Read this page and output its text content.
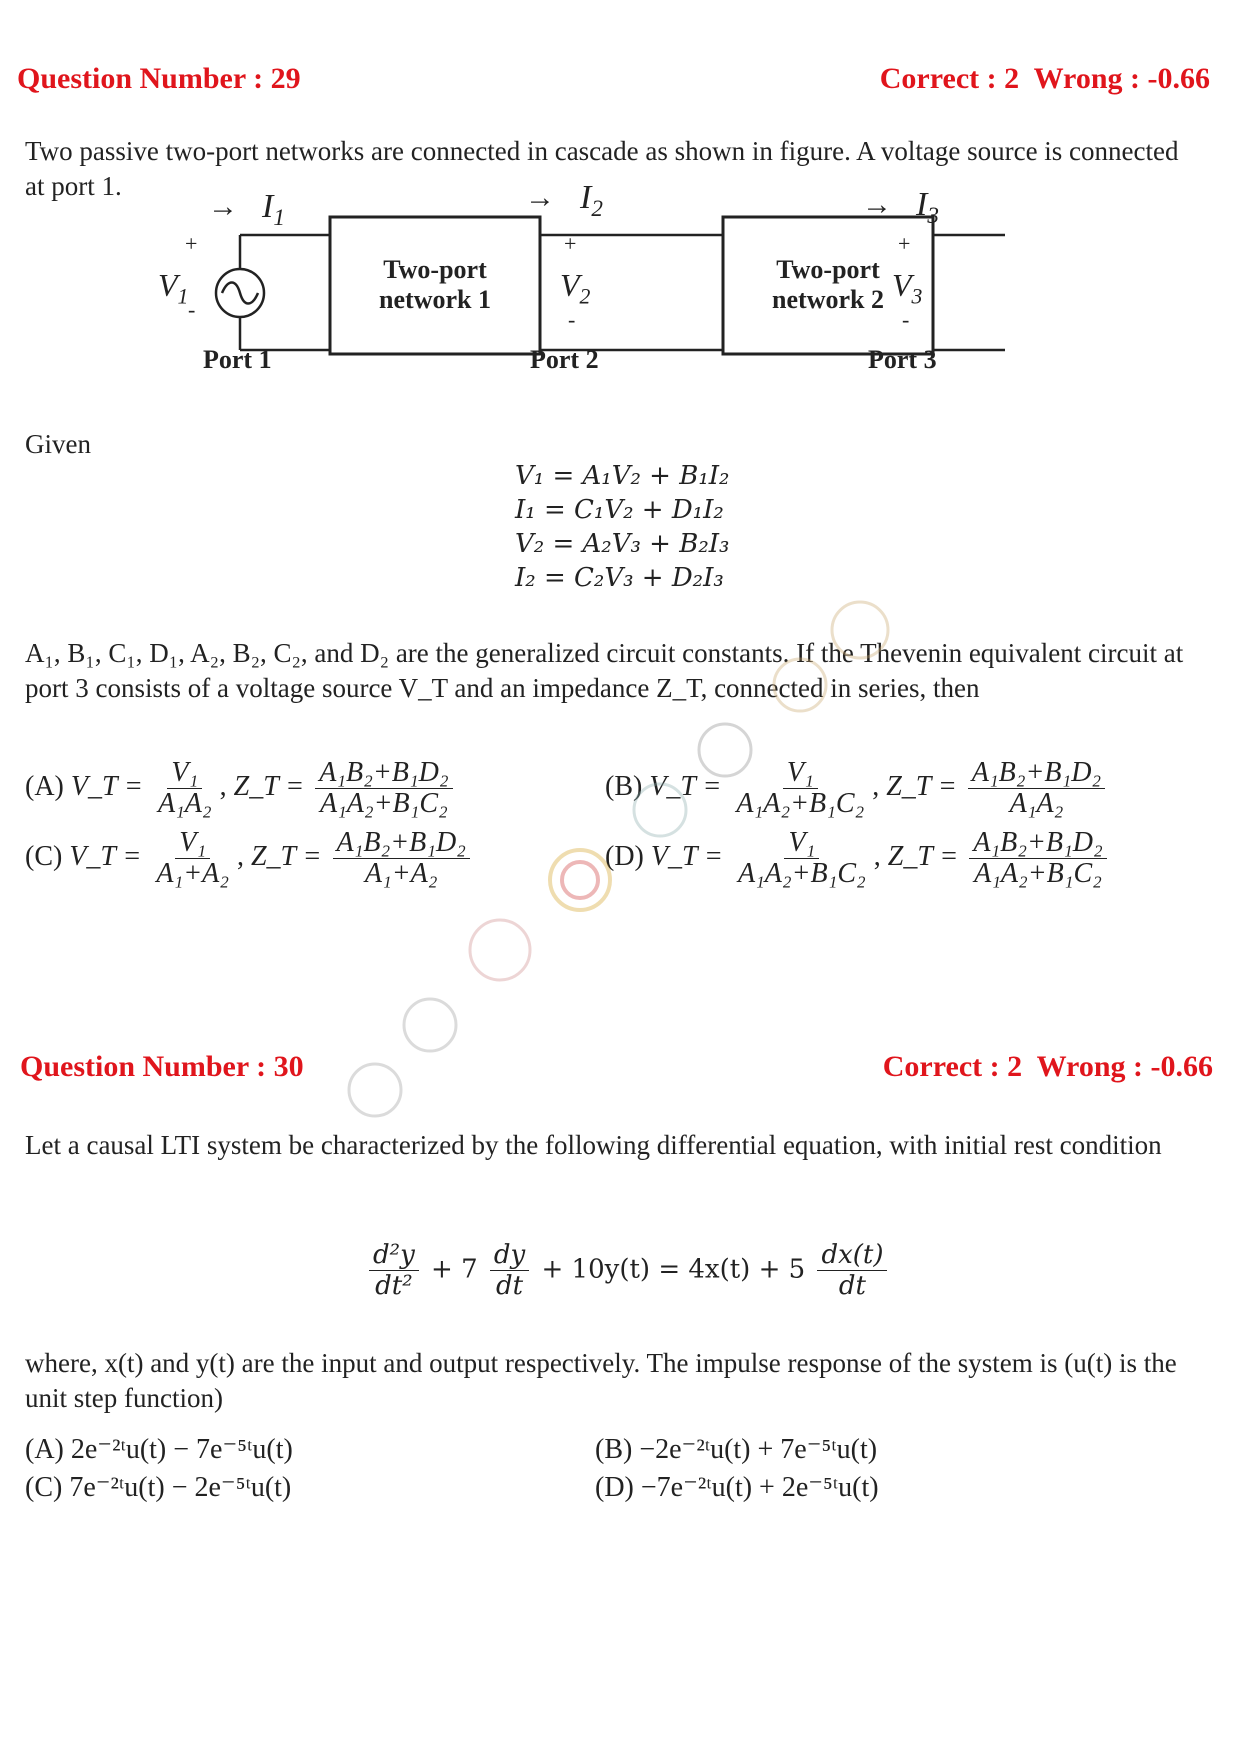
Question Number : 29	Correct : 2  Wrong : -0.66
Two passive two-port networks are connected in cascade as shown in figure. A voltage source is connected at port 1.
Two-port
network 1
Two-port
network 2
Port 1	Port 2	Port 3
+
$V_1$
-
→ $I_1$
+
$V_2$
-
→ $I_2$
+
$V_3$
-
→ $I_3$
Given
V₁ = A₁V₂ + B₁I₂
I₁ = C₁V₂ + D₁I₂
V₂ = A₂V₃ + B₂I₃
I₂ = C₂V₃ + D₂I₃
A₁, B₁, C₁, D₁, A₂, B₂, C₂, and D₂ are the generalized circuit constants. If the Thevenin equivalent circuit at port 3 consists of a voltage source V_T and an impedance Z_T, connected in series, then
(A) V_T = $\frac{\text{V₁}}{\text{A₁A₂}}$ , Z_T = $\frac{\text{A₁B₂+B₁D₂}}{\text{A₁A₂+B₁C₂}}$	(B) V_T = $\frac{\text{V₁}}{\text{A₁A₂+B₁C₂}}$ , Z_T = $\frac{\text{A₁B₂+B₁D₂}}{\text{A₁A₂}}$
(C) V_T = $\frac{\text{V₁}}{\text{A₁+A₂}}$ , Z_T = $\frac{\text{A₁B₂+B₁D₂}}{\text{A₁+A₂}}$	(D) V_T = $\frac{\text{V₁}}{\text{A₁A₂+B₁C₂}}$ , Z_T = $\frac{\text{A₁B₂+B₁D₂}}{\text{A₁A₂+B₁C₂}}$
Question Number : 30	Correct : 2  Wrong : -0.66
Let a causal LTI system be characterized by the following differential equation, with initial rest condition
$\frac{\text{d²y}}{\text{dt²}} + 7 \frac{dy}{dt} + 10y(t) = 4x(t) + 5 \frac{dx(t)}{dt}$
where, x(t) and y(t) are the input and output respectively. The impulse response of the system is (u(t) is the unit step function)
(A) 2e⁻²ᵗu(t) − 7e⁻⁵ᵗu(t)	(B) −2e⁻²ᵗu(t) + 7e⁻⁵ᵗu(t)
(C) 7e⁻²ᵗu(t) − 2e⁻⁵ᵗu(t)	(D) −7e⁻²ᵗu(t) + 2e⁻⁵ᵗu(t)
